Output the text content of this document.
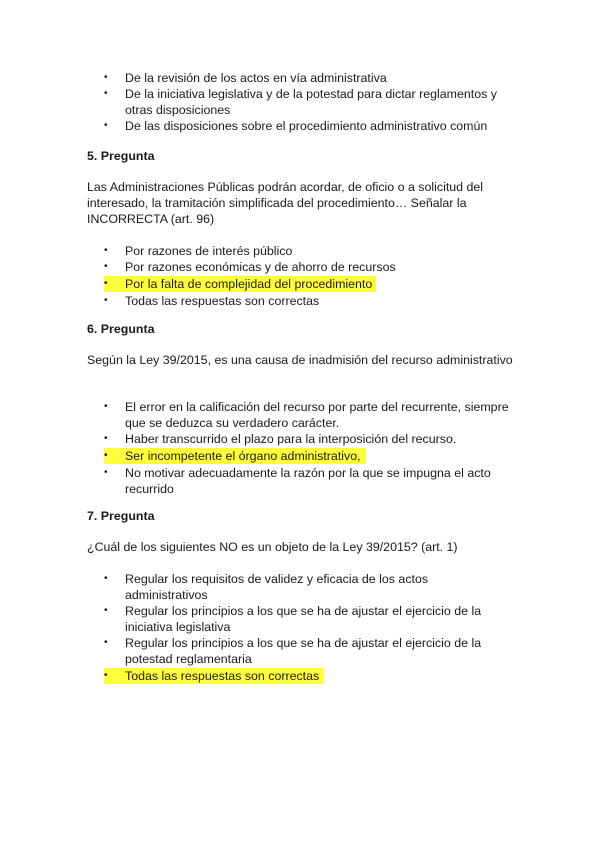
•	De la revisión de los actos en vía administrativa
•	De la iniciativa legislativa y de la potestad para dictar reglamentos y otras disposiciones
•	De las disposiciones sobre el procedimiento administrativo común
5. Pregunta

Las Administraciones Públicas podrán acordar, de oficio o a solicitud del interesado, la tramitación simplificada del procedimiento… Señalar la INCORRECTA (art. 96)

•	Por razones de interés público
•	Por razones económicas y de ahorro de recursos
•	Por la falta de complejidad del procedimiento
•	Todas las respuestas son correctas
6. Pregunta

Según la Ley 39/2015, es una causa de inadmisión del recurso administrativo

•	El error en la calificación del recurso por parte del recurrente, siempre que se deduzca su verdadero carácter.
•	Haber transcurrido el plazo para la interposición del recurso.
•	Ser incompetente el órgano administrativo,
•	No motivar adecuadamente la razón por la que se impugna el acto recurrido
7. Pregunta

¿Cuál de los siguientes NO es un objeto de la Ley 39/2015? (art. 1)

•	Regular los requisitos de validez y eficacia de los actos administrativos
•	Regular los principios a los que se ha de ajustar el ejercicio de la iniciativa legislativa
•	Regular los principios a los que se ha de ajustar el ejercicio de la potestad reglamentaria
•	Todas las respuestas son correctas
